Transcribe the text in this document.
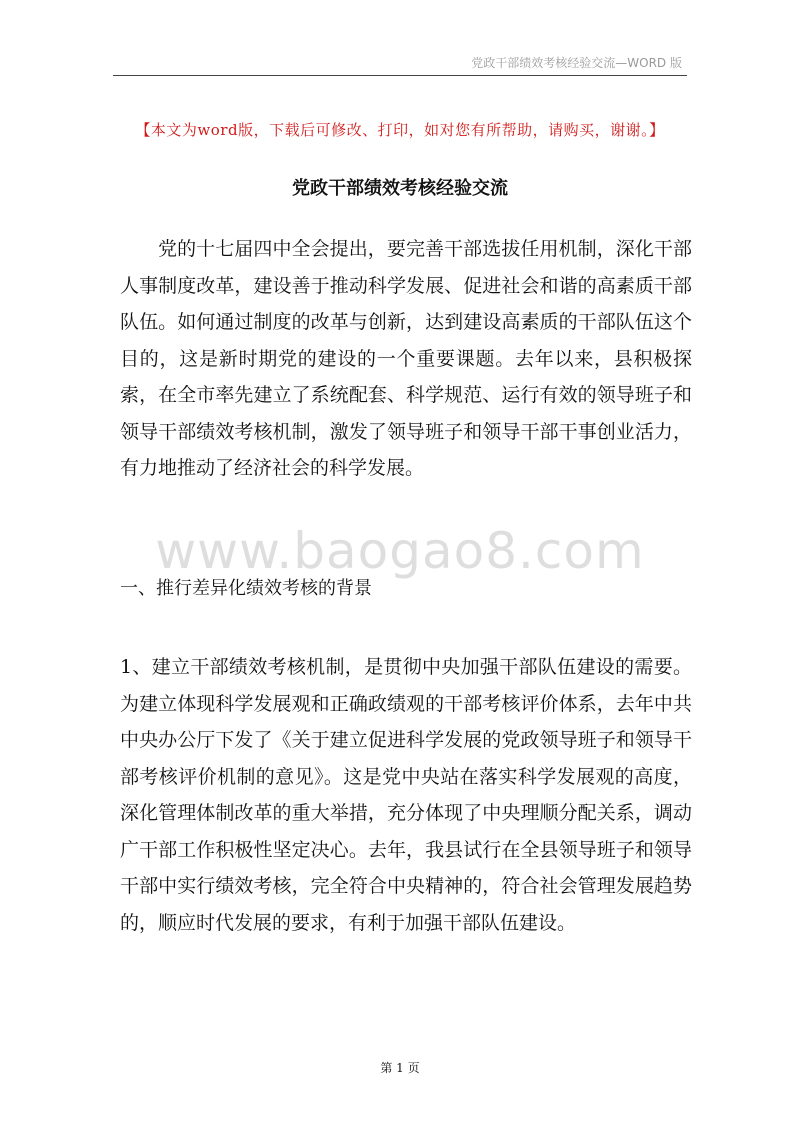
党政干部绩效考核经验交流—WORD 版
【本文为word版，下载后可修改、打印，如对您有所帮助，请购买，谢谢。】
党政干部绩效考核经验交流

党的十七届四中全会提出，要完善干部选拔任用机制，深化干部人事制度改革，建设善于推动科学发展、促进社会和谐的高素质干部队伍。如何通过制度的改革与创新，达到建设高素质的干部队伍这个目的，这是新时期党的建设的一个重要课题。去年以来，县积极探索，在全市率先建立了系统配套、科学规范、运行有效的领导班子和领导干部绩效考核机制，激发了领导班子和领导干部干事创业活力，有力地推动了经济社会的科学发展。

www.baogao8.com
一、推行差异化绩效考核的背景

1、建立干部绩效考核机制，是贯彻中央加强干部队伍建设的需要。为建立体现科学发展观和正确政绩观的干部考核评价体系，去年中共中央办公厅下发了《关于建立促进科学发展的党政领导班子和领导干部考核评价机制的意见》。这是党中央站在落实科学发展观的高度，深化管理体制改革的重大举措，充分体现了中央理顺分配关系，调动广干部工作积极性坚定决心。去年，我县试行在全县领导班子和领导干部中实行绩效考核，完全符合中央精神的，符合社会管理发展趋势的，顺应时代发展的要求，有利于加强干部队伍建设。

第 1 页
